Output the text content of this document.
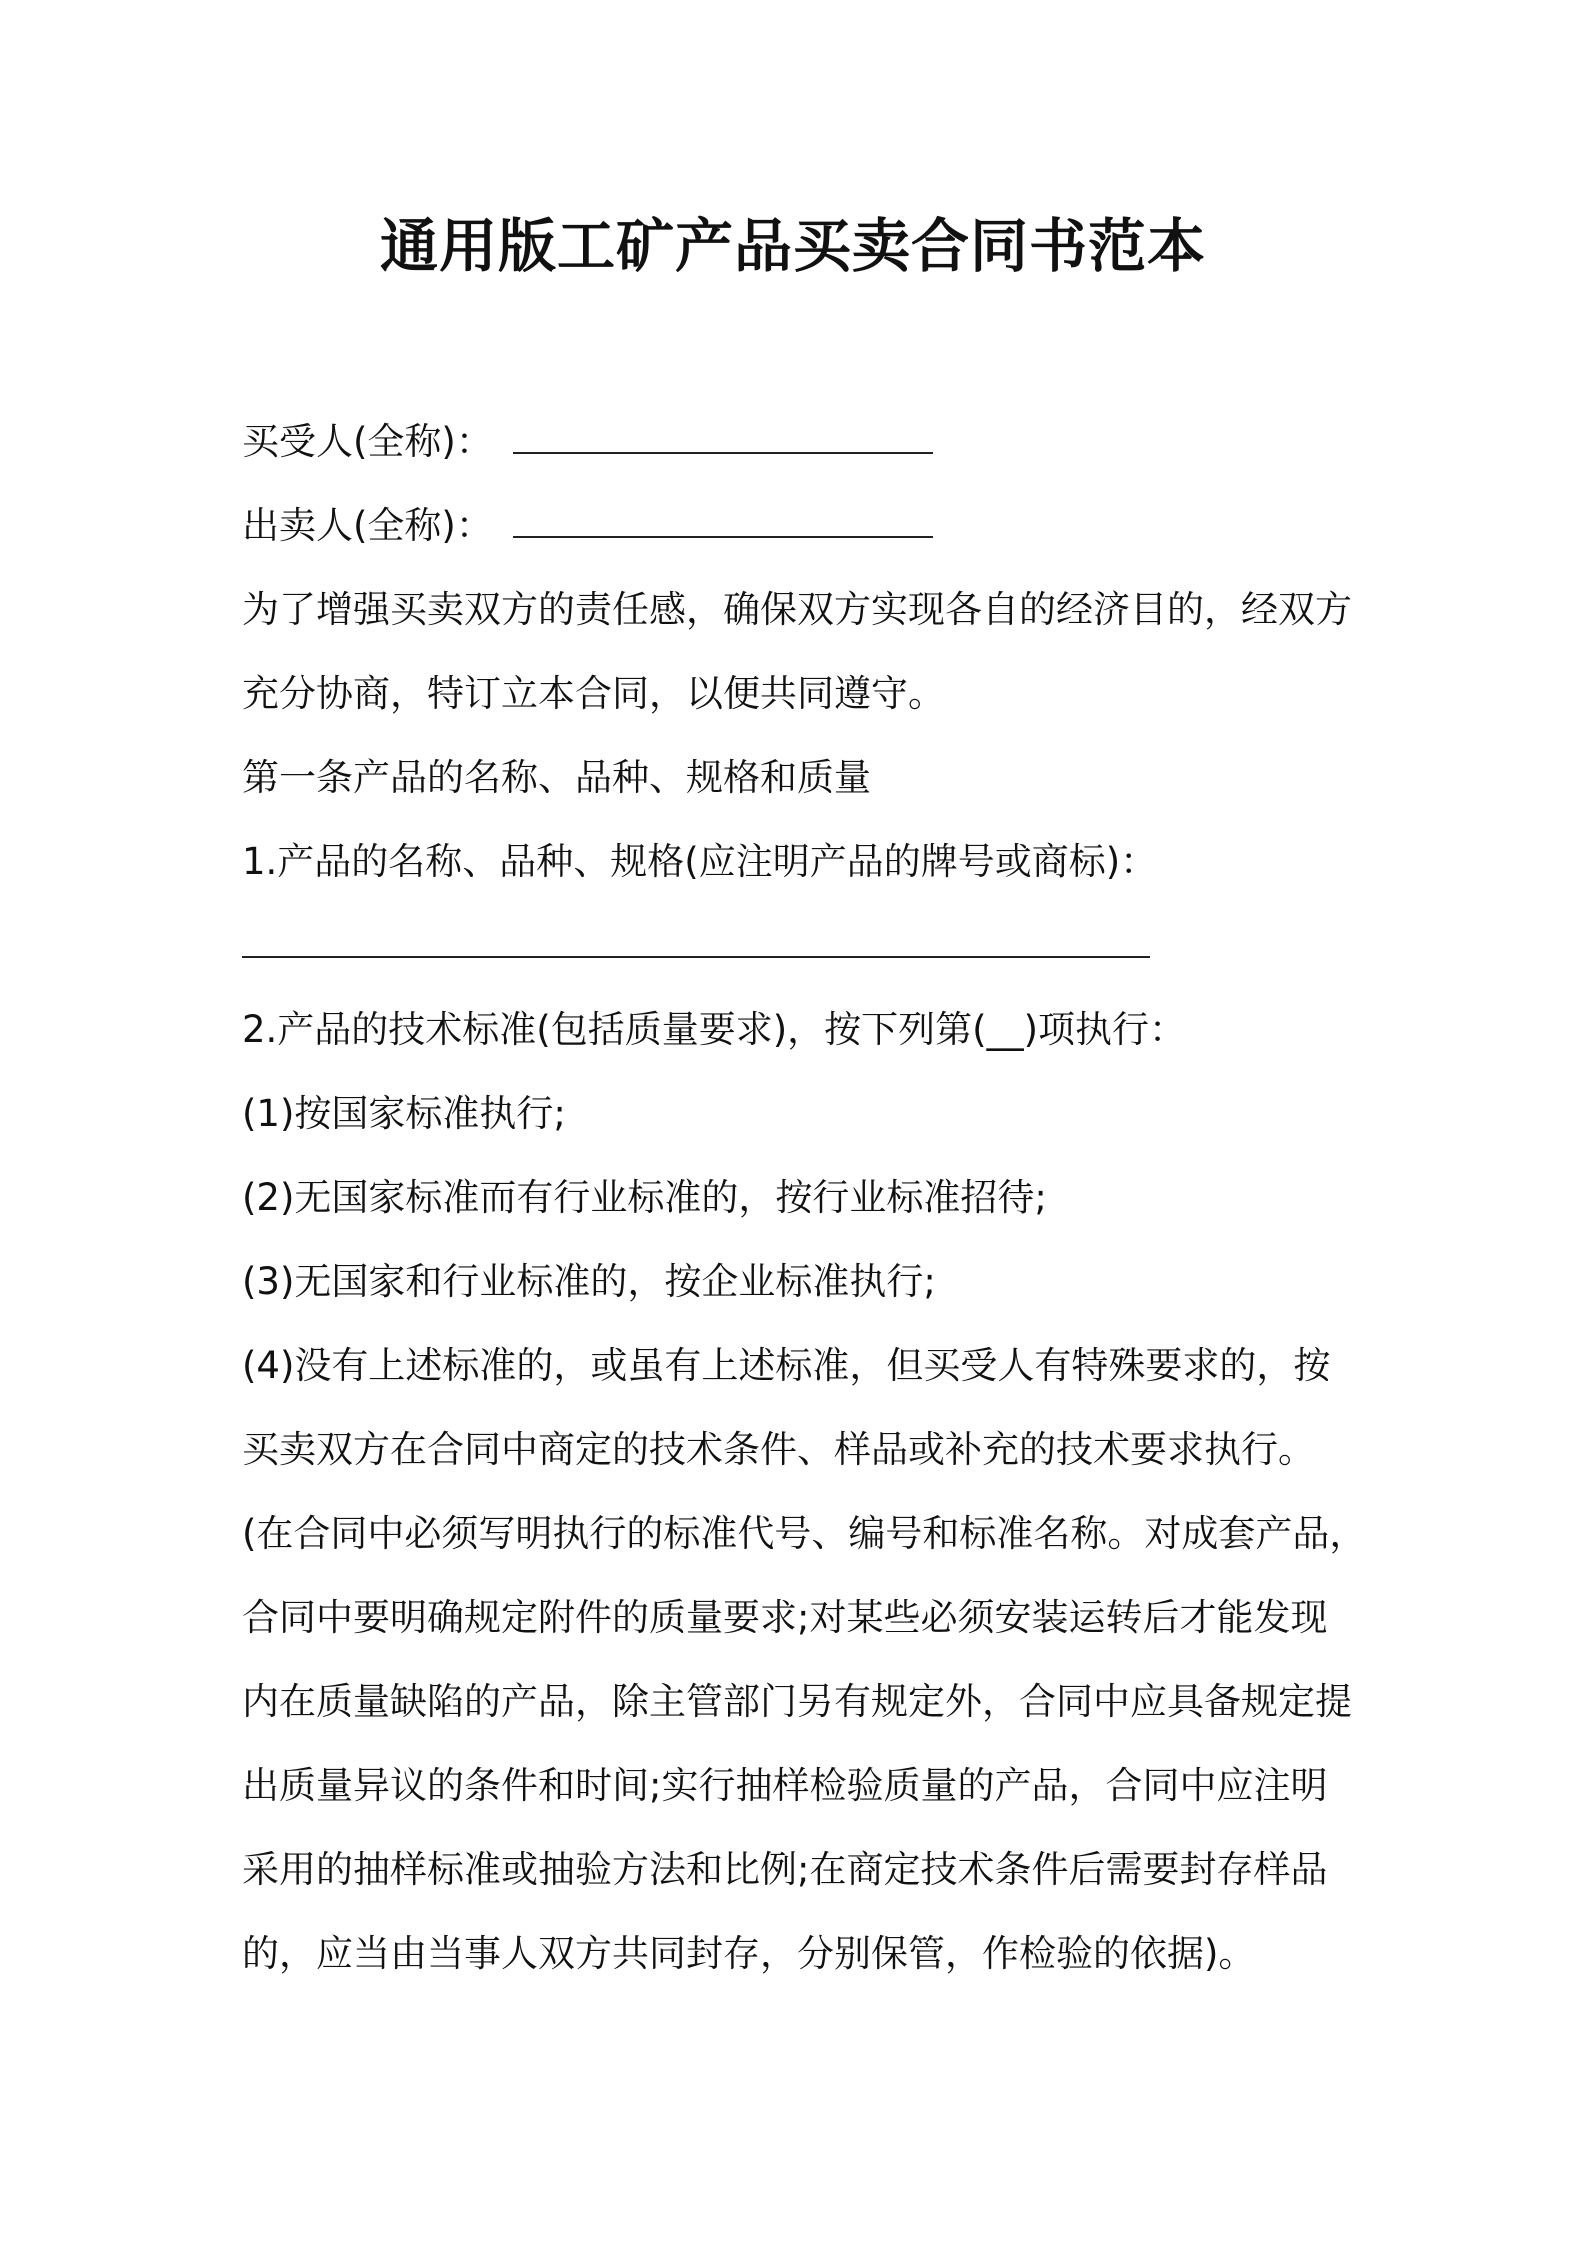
通用版工矿产品买卖合同书范本
买受人(全称)：
出卖人(全称)：
为了增强买卖双方的责任感，确保双方实现各自的经济目的，经双方
充分协商，特订立本合同，以便共同遵守。
第一条产品的名称、品种、规格和质量
1.产品的名称、品种、规格(应注明产品的牌号或商标)：
2.产品的技术标准(包括质量要求)，按下列第(__)项执行：
(1)按国家标准执行;
(2)无国家标准而有行业标准的，按行业标准招待;
(3)无国家和行业标准的，按企业标准执行;
(4)没有上述标准的，或虽有上述标准，但买受人有特殊要求的，按
买卖双方在合同中商定的技术条件、样品或补充的技术要求执行。
(在合同中必须写明执行的标准代号、编号和标准名称。对成套产品，
合同中要明确规定附件的质量要求;对某些必须安装运转后才能发现
内在质量缺陷的产品，除主管部门另有规定外，合同中应具备规定提
出质量异议的条件和时间;实行抽样检验质量的产品，合同中应注明
采用的抽样标准或抽验方法和比例;在商定技术条件后需要封存样品
的，应当由当事人双方共同封存，分别保管，作检验的依据)。
